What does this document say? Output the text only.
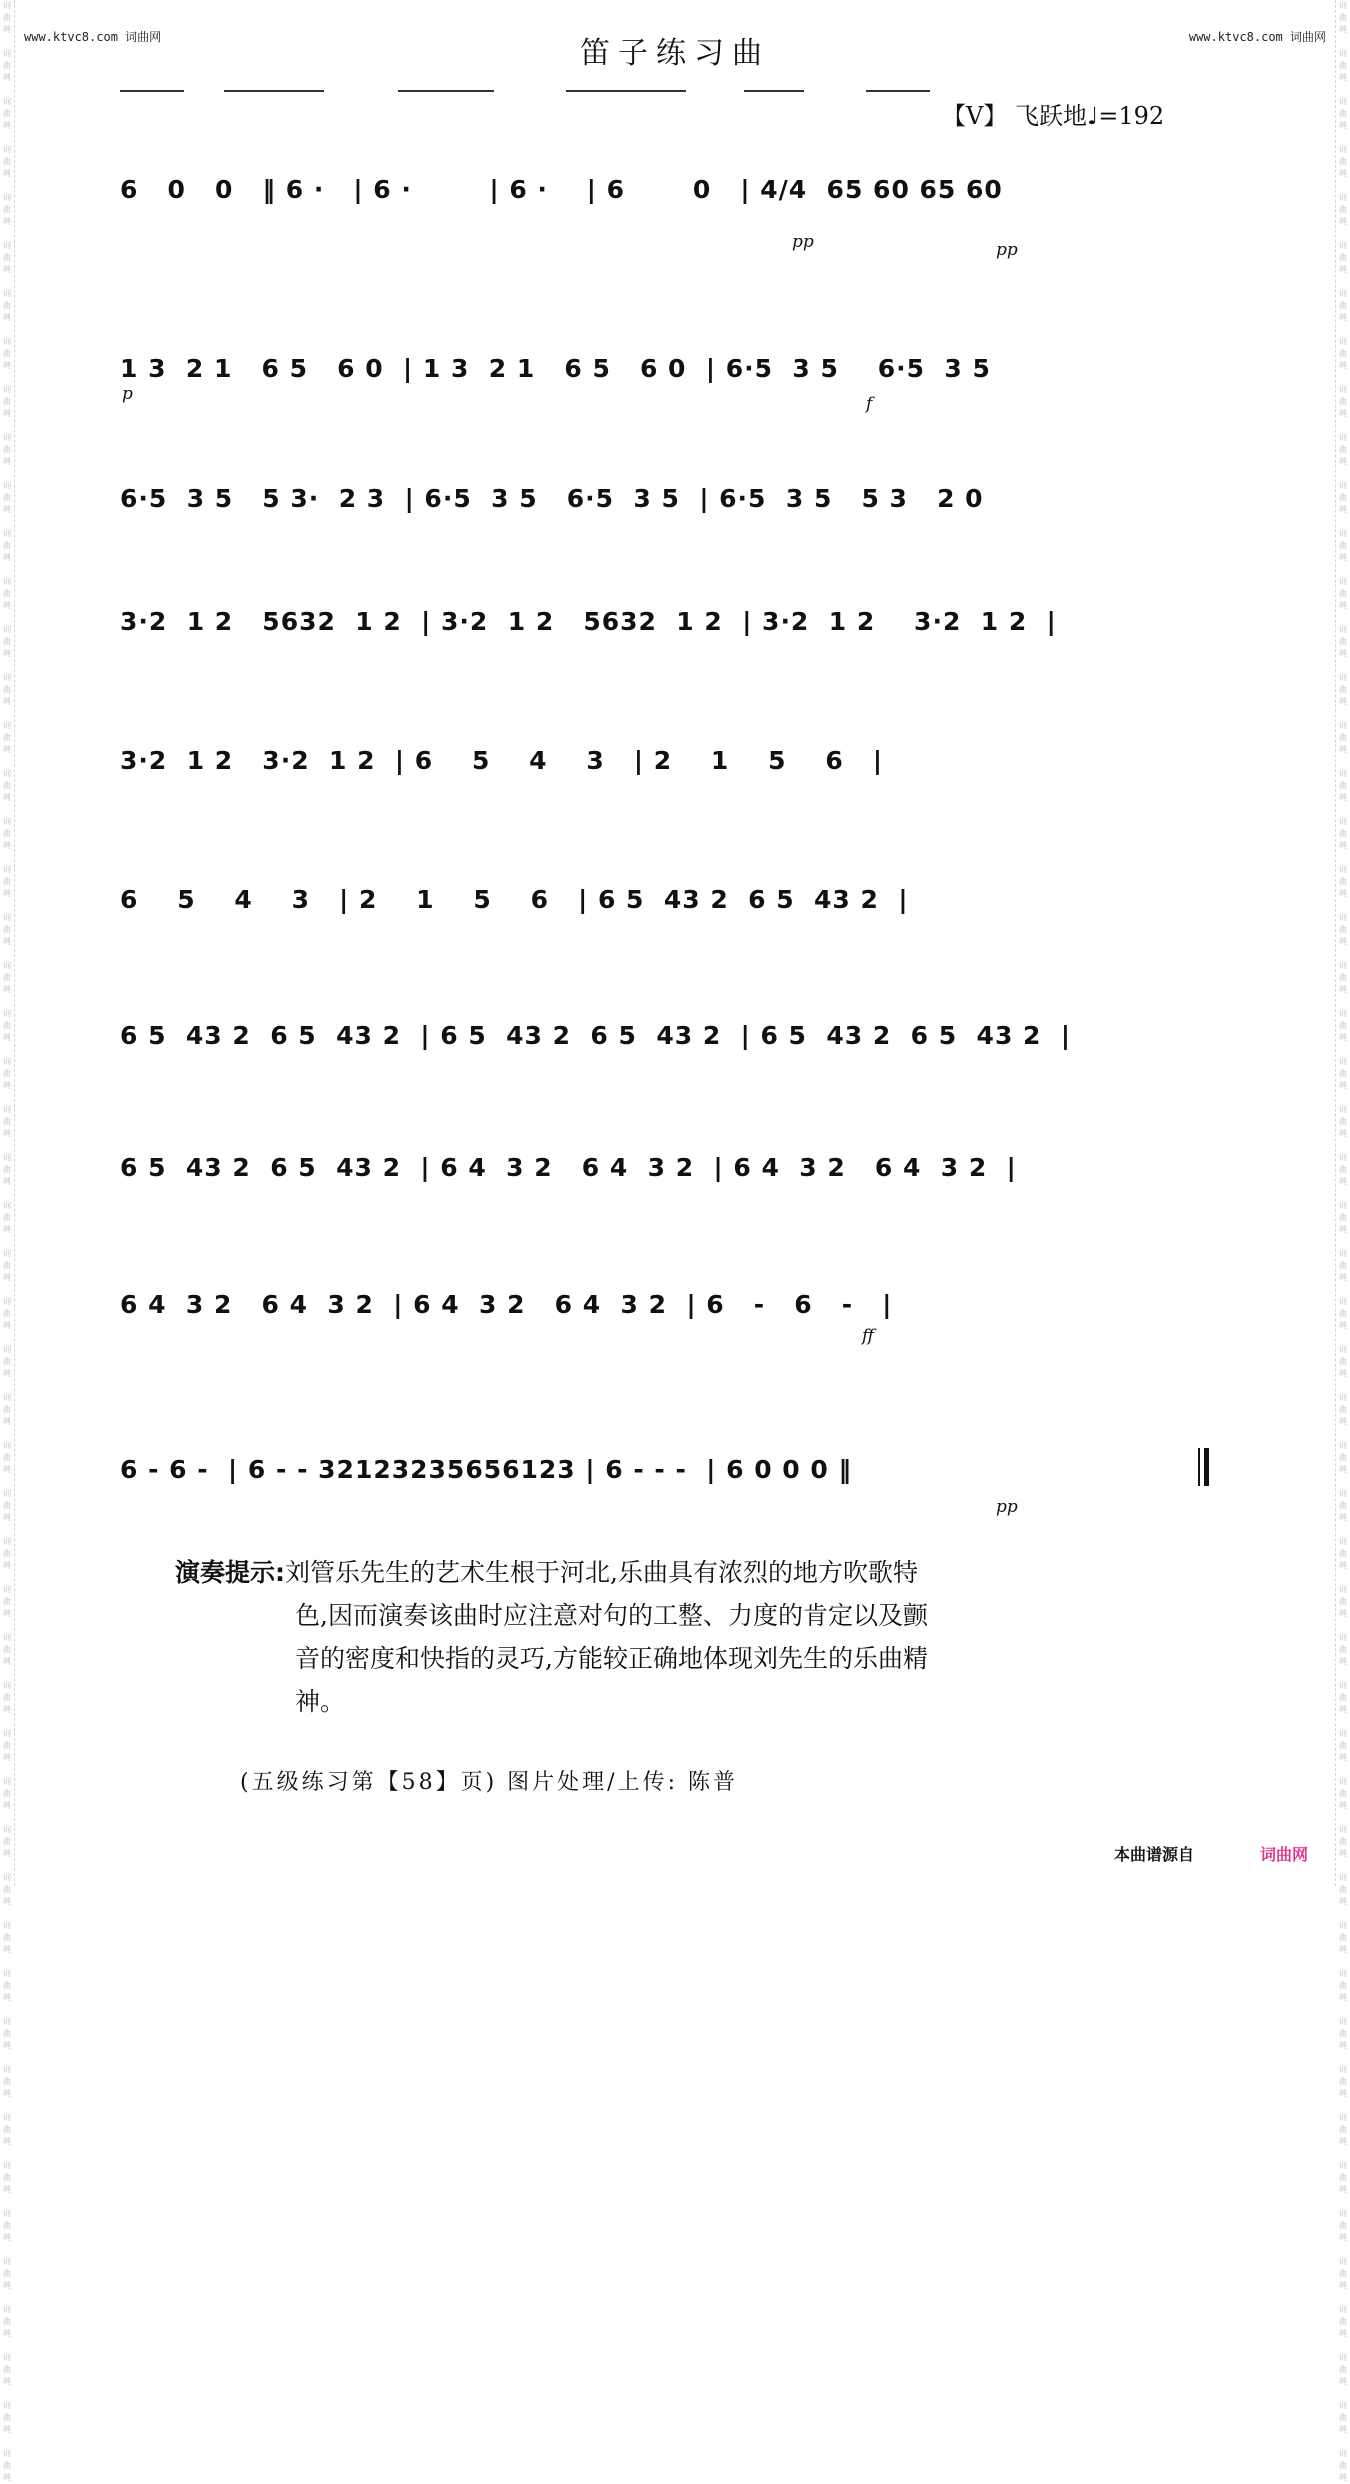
词
曲
网

词
曲
网

词
曲
网

词
曲
网

词
曲
网

词
曲
网

词
曲
网

词
曲
网

词
曲
网

词
曲
网

词
曲
网

词
曲
网

词
曲
网

词
曲
网

词
曲
网

词
曲
网

词
曲
网

词
曲
网

词
曲
网

词
曲
网

词
曲
网

词
曲
网

词
曲
网

词
曲
网

词
曲
网

词
曲
网

词
曲
网

词
曲
网

词
曲
网

词
曲
网

词
曲
网

词
曲
网

词
曲
网

词
曲
网

词
曲
网

词
曲
网

词
曲
网

词
曲
网

词
曲
网

词
曲
网

词
曲
网

词
曲
网

词
曲
网

词
曲
网

词
曲
网

词
曲
网

词
曲
网

词
曲
网

词
曲
网

词
曲
网

词
曲
网

词
曲
网

词
曲
网

词
曲
网

词
曲
网

词
曲
网

词
曲
网

词
曲
网

词
曲
网

词
曲
网

词
曲
网

词
曲
网

词
曲
网

词
曲
网

词
曲
网

词
曲
网

词
曲
网

词
曲
网

词
曲
网

词
曲
网

词
曲
网

词
曲
网

词
曲
网

词
曲
网

词
曲
网

词
曲
网

词
曲
网

词
曲
网

词
曲
网

词
曲
网

词
曲
网

词
曲
网

词
曲
网

词
曲
网

词
曲
网

词
曲
网

词
曲
网

词
曲
网

词
曲
网

词
曲
网

词
曲
网

词
曲
网

词
曲
网

词
曲
网

词
曲
网

词
曲
网

词
曲
网

词
曲
网

词
曲
网

词
曲
网

词
曲
网

词
曲
网

词
曲
网

词
曲
网

www.ktvc8.com 词曲网	www.ktvc8.com 词曲网
笛子练习曲
【V】 飞跃地♩=192
6   0   0   ‖ 6 ·   | 6 ·        | 6 ·    | 6       0   | 4/4  65 60 65 60
1 3  2 1   6 5   6 0  | 1 3  2 1   6 5   6 0  | 6·5  3 5    6·5  3 5
6·5  3 5   5 3·  2 3  | 6·5  3 5   6·5  3 5  | 6·5  3 5   5 3   2 0
3·2  1 2   5632  1 2  | 3·2  1 2   5632  1 2  | 3·2  1 2    3·2  1 2  |
3·2  1 2   3·2  1 2  | 6    5    4    3   | 2    1    5    6   |
6    5    4    3   | 2    1    5    6   | 6 5  43 2  6 5  43 2  |
6 5  43 2  6 5  43 2  | 6 5  43 2  6 5  43 2  | 6 5  43 2  6 5  43 2  |
6 5  43 2  6 5  43 2  | 6 4  3 2   6 4  3 2  | 6 4  3 2   6 4  3 2  |
6 4  3 2   6 4  3 2  | 6 4  3 2   6 4  3 2  | 6   -   6   -   |
6 - 6 -  | 6 - - 32123235656123 | 6 - - -  | 6 0 0 0 ‖
pp	pp
p	f
ff
pp
演奏提示:刘管乐先生的艺术生根于河北,乐曲具有浓烈的地方吹歌特色,因而演奏该曲时应注意对句的工整、力度的肯定以及颤音的密度和快指的灵巧,方能较正确地体现刘先生的乐曲精神。
(五级练习第【58】页) 图片处理/上传: 陈普
本曲谱源自	词曲网
